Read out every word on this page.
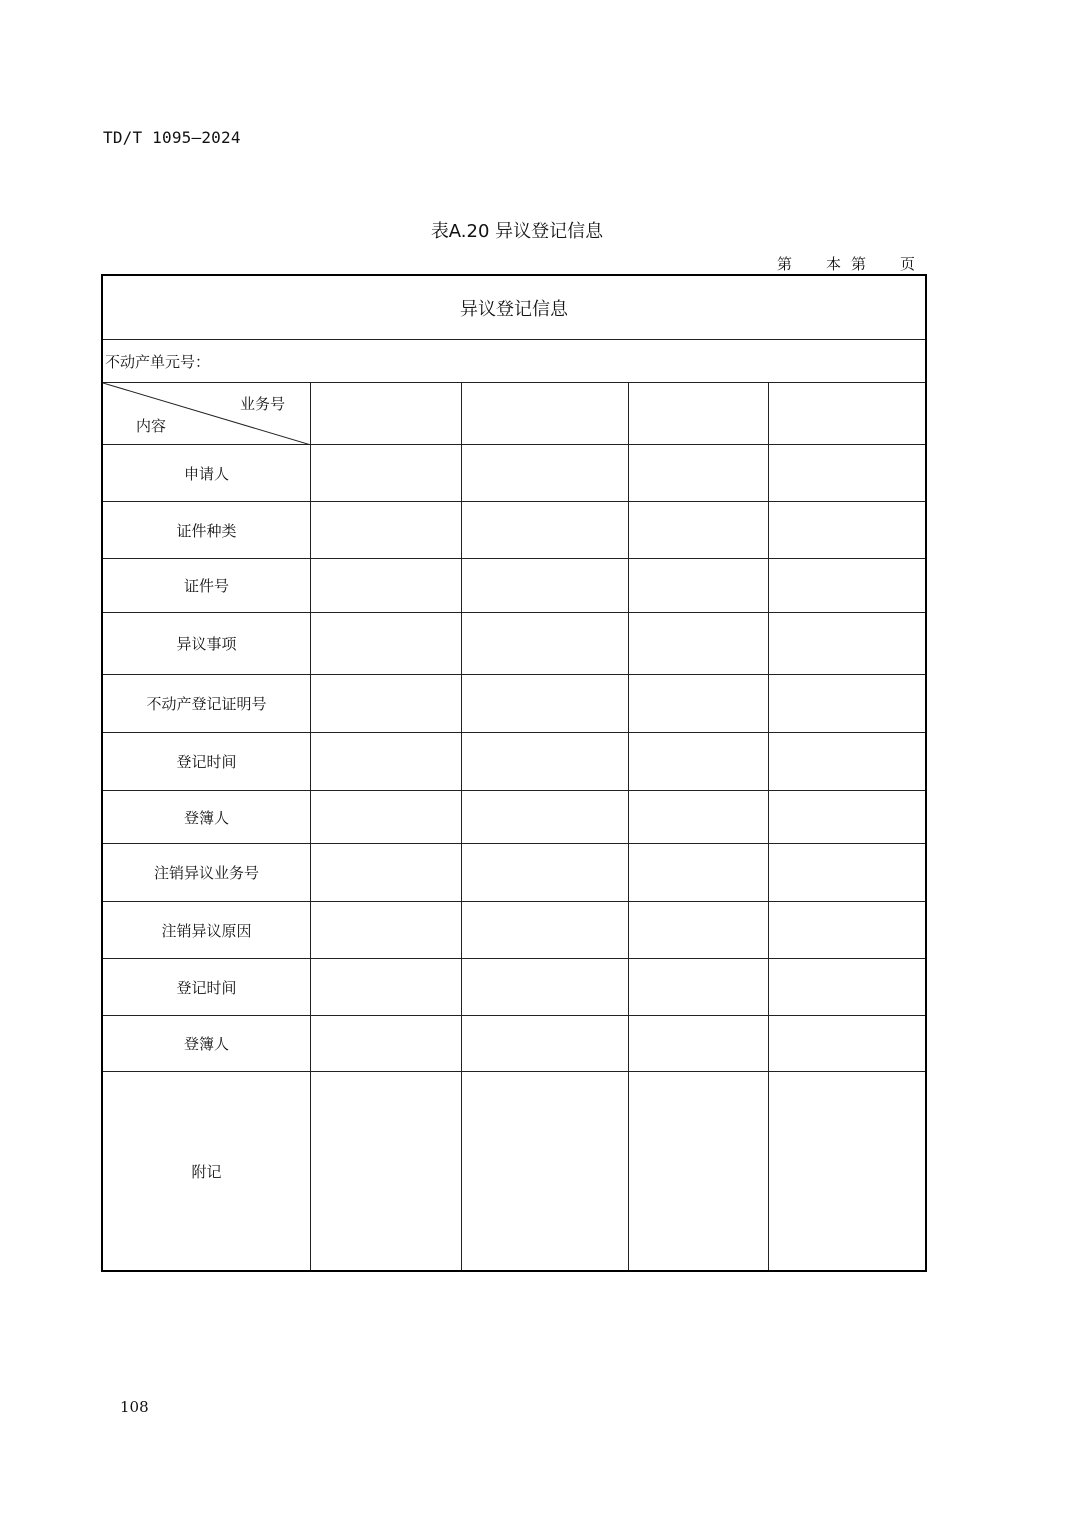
TD/T 1095—2024
表A.20 异议登记信息
第 本 第 页
异议登记信息
不动产单元号：
业务号
内容
申请人
证件种类
证件号
异议事项
不动产登记证明号
登记时间
登簿人
注销异议业务号
注销异议原因
登记时间
登簿人
附记
108
